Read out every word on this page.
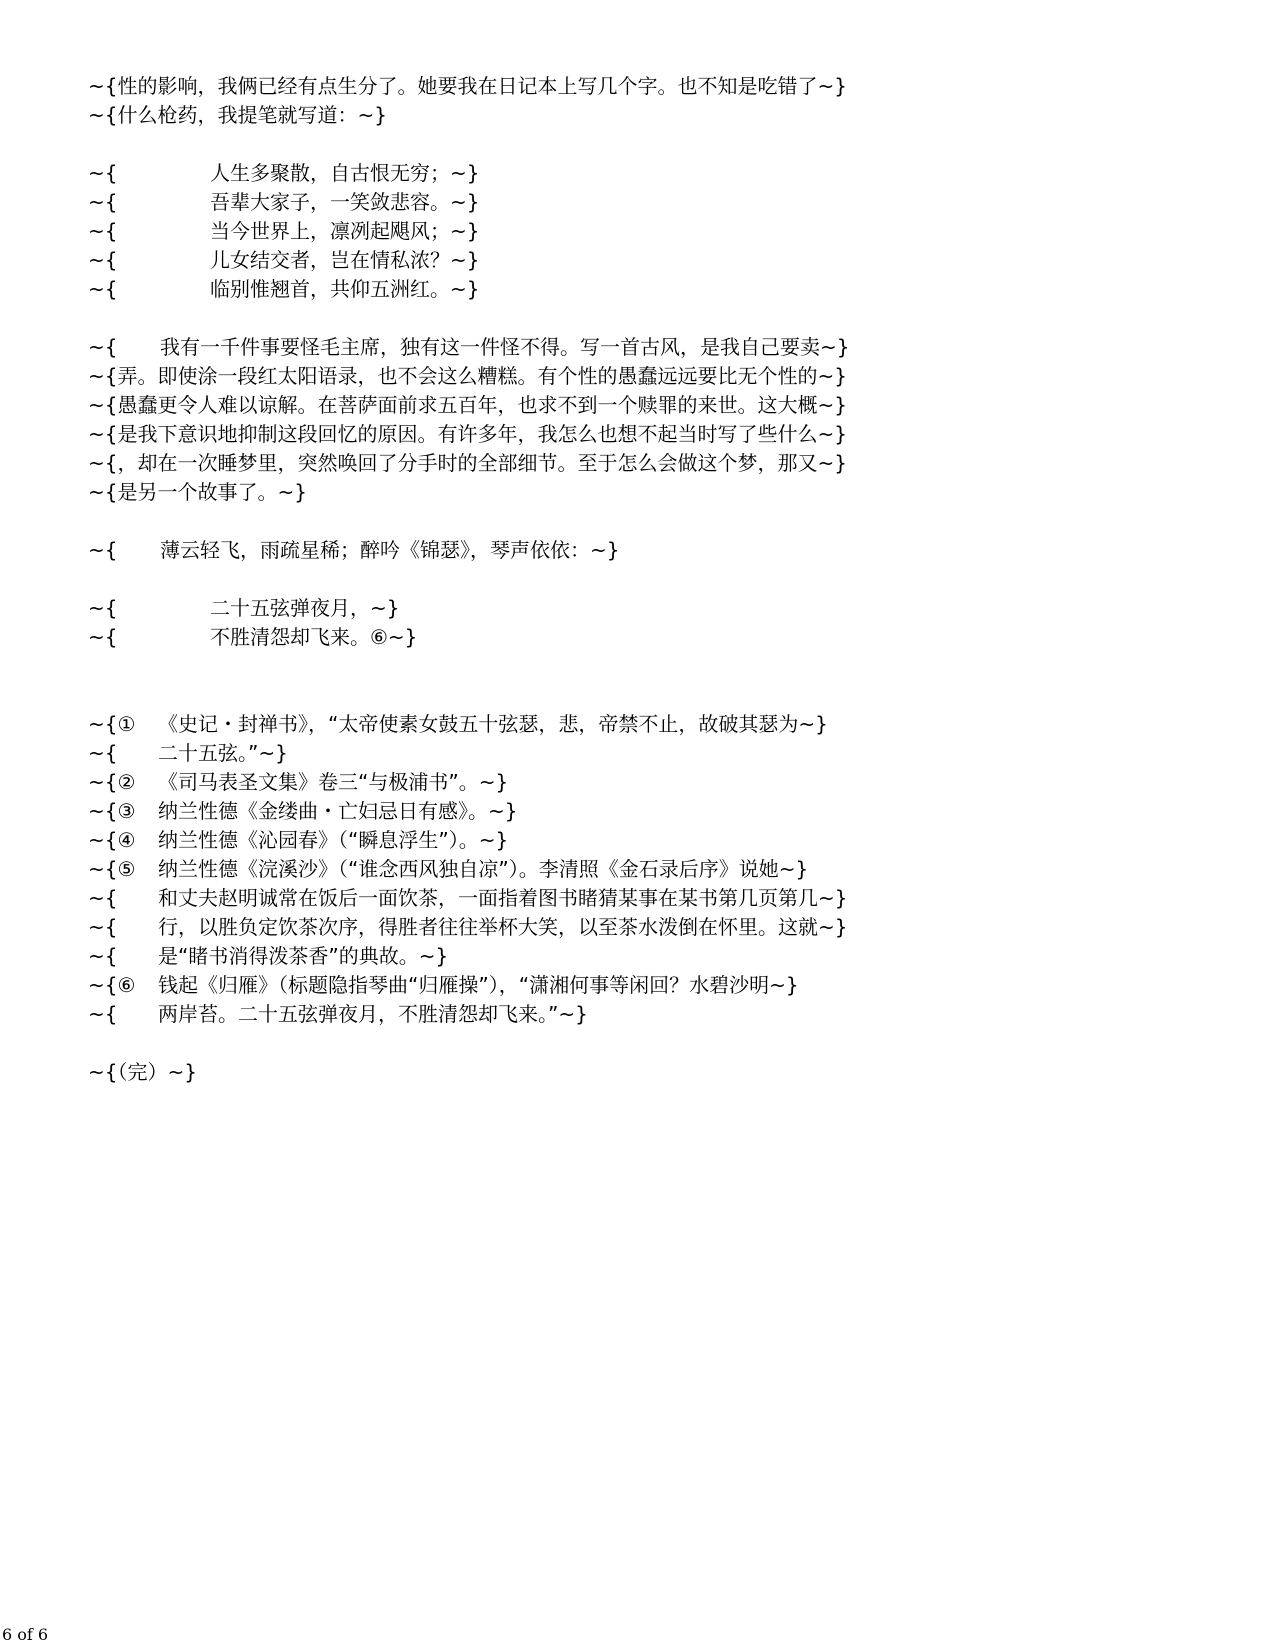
~{性的影响，我俩已经有点生分了。她要我在日记本上写几个字。也不知是吃错了~}
~{什么枪药，我提笔就写道：~}
~{	人生多聚散，自古恨无穷；~}
~{	吾辈大家子，一笑敛悲容。~}
~{	当今世界上，凛冽起飓风；~}
~{	儿女结交者，岂在情私浓？~}
~{	临别惟翘首，共仰五洲红。~}
~{ 我有一千件事要怪毛主席，独有这一件怪不得。写一首古风，是我自己要卖~}
~{弄。即使涂一段红太阳语录，也不会这么糟糕。有个性的愚蠢远远要比无个性的~}
~{愚蠢更令人难以谅解。在菩萨面前求五百年，也求不到一个赎罪的来世。这大概~}
~{是我下意识地抑制这段回忆的原因。有许多年，我怎么也想不起当时写了些什么~}
~{，却在一次睡梦里，突然唤回了分手时的全部细节。至于怎么会做这个梦，那又~}
~{是另一个故事了。~}
~{ 薄云轻飞，雨疏星稀；醉吟《锦瑟》，琴声依依：~}
~{	二十五弦弹夜月，~}
~{	不胜清怨却飞来。⑥~}
~{① 《史记・封禅书》，“太帝使素女鼓五十弦瑟，悲，帝禁不止，故破其瑟为~}
~{ 二十五弦。”~}
~{② 《司马表圣文集》卷三“与极浦书”。~}
~{③ 纳兰性德《金缕曲・亡妇忌日有感》。~}
~{④ 纳兰性德《沁园春》（“瞬息浮生”）。~}
~{⑤ 纳兰性德《浣溪沙》（“谁念西风独自凉”）。李清照《金石录后序》说她~}
~{ 和丈夫赵明诚常在饭后一面饮茶，一面指着图书睹猜某事在某书第几页第几~}
~{ 行，以胜负定饮茶次序，得胜者往往举杯大笑，以至茶水泼倒在怀里。这就~}
~{ 是“睹书消得泼茶香”的典故。~}
~{⑥ 钱起《归雁》（标题隐指琴曲“归雁操”），“潇湘何事等闲回？水碧沙明~}
~{ 两岸苔。二十五弦弹夜月，不胜清怨却飞来。”~}
~{（完）~}
6 of 6
